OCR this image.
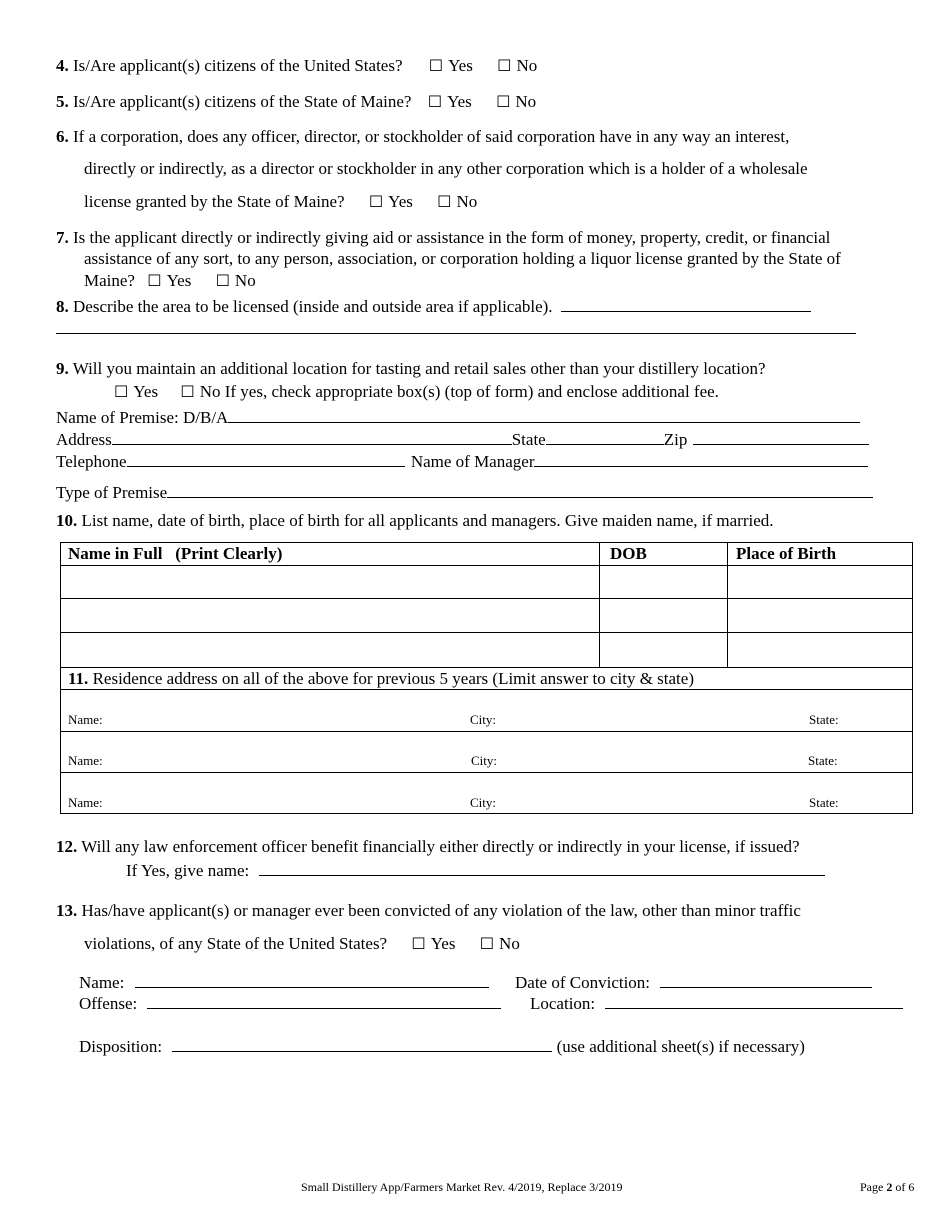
4. Is/Are applicant(s) citizens of the United States? ☐ Yes ☐ No
5. Is/Are applicant(s) citizens of the State of Maine? ☐ Yes ☐ No
6. If a corporation, does any officer, director, or stockholder of said corporation have in any way an interest,
directly or indirectly, as a director or stockholder in any other corporation which is a holder of a wholesale
license granted by the State of Maine? ☐ Yes ☐ No
7. Is the applicant directly or indirectly giving aid or assistance in the form of money, property, credit, or financial
assistance of any sort, to any person, association, or corporation holding a liquor license granted by the State of
Maine? ☐ Yes ☐ No
8. Describe the area to be licensed (inside and outside area if applicable).
9. Will you maintain an additional location for tasting and retail sales other than your distillery location?
☐ Yes ☐ No If yes, check appropriate box(s) (top of form) and enclose additional fee.
Name of Premise: D/B/A
Address	State	Zip
Telephone	Name of Manager
Type of Premise
10. List name, date of birth, place of birth for all applicants and managers. Give maiden name, if married.
Name in Full   (Print Clearly)	DOB	Place of Birth
11. Residence address on all of the above for previous 5 years (Limit answer to city & state)
Name:	City:	State:
Name:	City:	State:
Name:	City:	State:
12. Will any law enforcement officer benefit financially either directly or indirectly in your license, if issued?
If Yes, give name:
13. Has/have applicant(s) or manager ever been convicted of any violation of the law, other than minor traffic
violations, of any State of the United States? ☐ Yes ☐ No
Name:	Date of Conviction:
Offense:	Location:
Disposition:	(use additional sheet(s) if necessary)
Small Distillery App/Farmers Market Rev. 4/2019, Replace 3/2019	Page 2 of 6
